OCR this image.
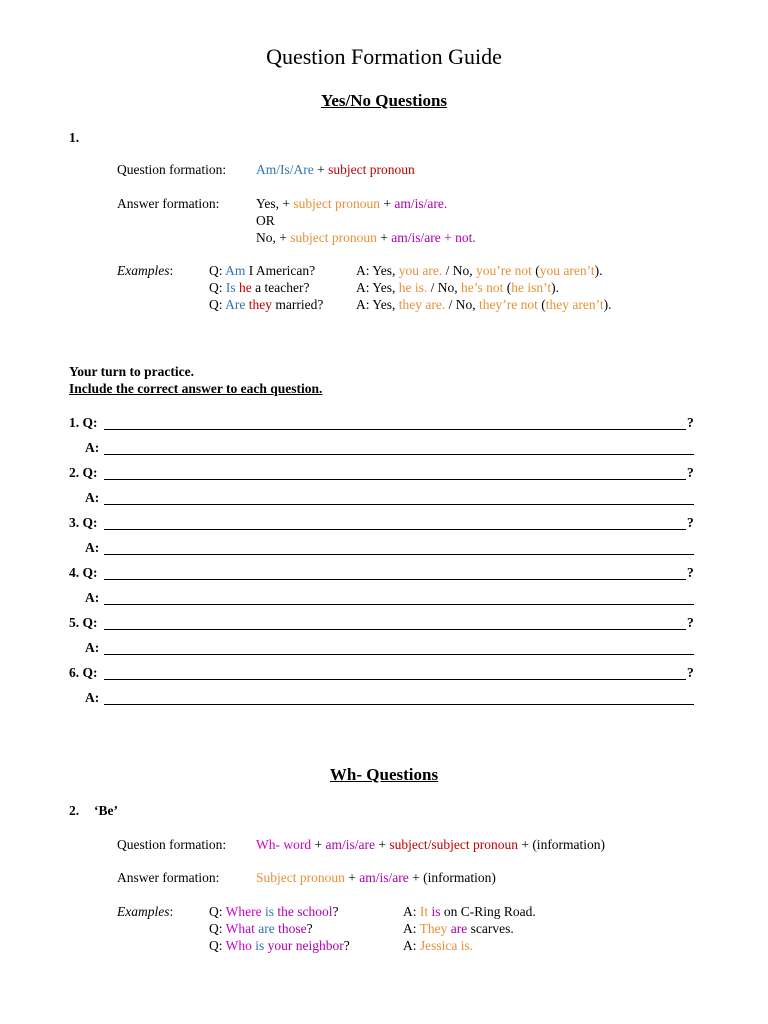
Question Formation Guide
Yes/No Questions
1.
Question formation: Am/Is/Are + subject pronoun
Answer formation:	Yes, + subject pronoun + am/is/are.
OR
No, + subject pronoun + am/is/are + not.
Examples:	Q: Am I American?	A: Yes, you are. / No, you’re not (you aren’t).
Q: Is he a teacher?	A: Yes, he is. / No, he’s not (he isn’t).
Q: Are they married? A: Yes, they are. / No, they’re not (they aren’t).
Your turn to practice.
Include the correct answer to each question.
1. Q:	?
A:
2. Q:	?
A:
3. Q:	?
A:
4. Q:	?
A:
5. Q:	?
A:
6. Q:	?
A:
Wh- Questions
2. ‘Be’
Question formation: Wh- word + am/is/are + subject/subject pronoun + (information)
Answer formation:	Subject pronoun + am/is/are + (information)
Examples:	Q: Where is the school?	A: It is on C-Ring Road.
Q: What are those?	A: They are scarves.
Q: Who is your neighbor?	A: Jessica is.
